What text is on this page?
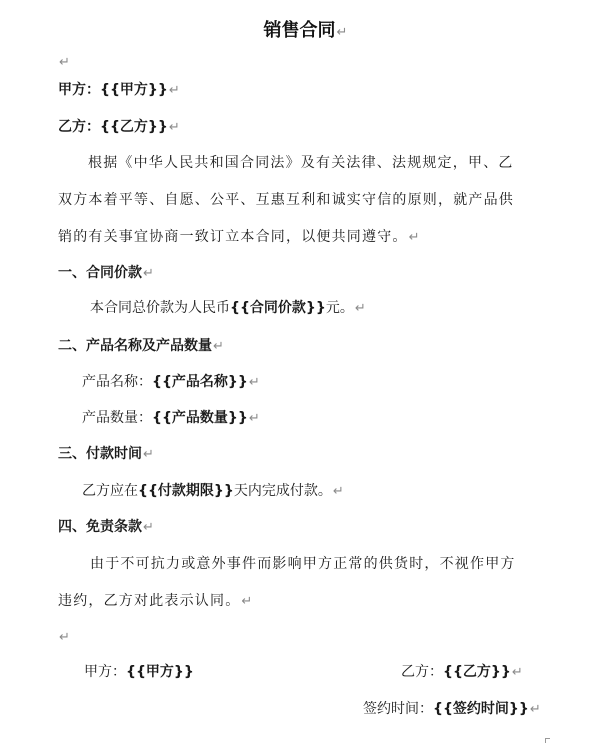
销售合同↵
↵
甲方：{{甲方}}↵
乙方：{{乙方}}↵
根据《中华人民共和国合同法》及有关法律、法规规定，甲、乙
双方本着平等、自愿、公平、互惠互利和诚实守信的原则，就产品供
销的有关事宜协商一致订立本合同，以便共同遵守。↵
一、合同价款↵
本合同总价款为人民币{{合同价款}}元。↵
二、产品名称及产品数量↵
产品名称：{{产品名称}}↵
产品数量：{{产品数量}}↵
三、付款时间↵
乙方应在{{付款期限}}天内完成付款。↵
四、免责条款↵
由于不可抗力或意外事件而影响甲方正常的供货时，不视作甲方
违约，乙方对此表示认同。↵
↵
甲方：{{甲方}}	乙方：{{乙方}}↵
签约时间：{{签约时间}}↵
